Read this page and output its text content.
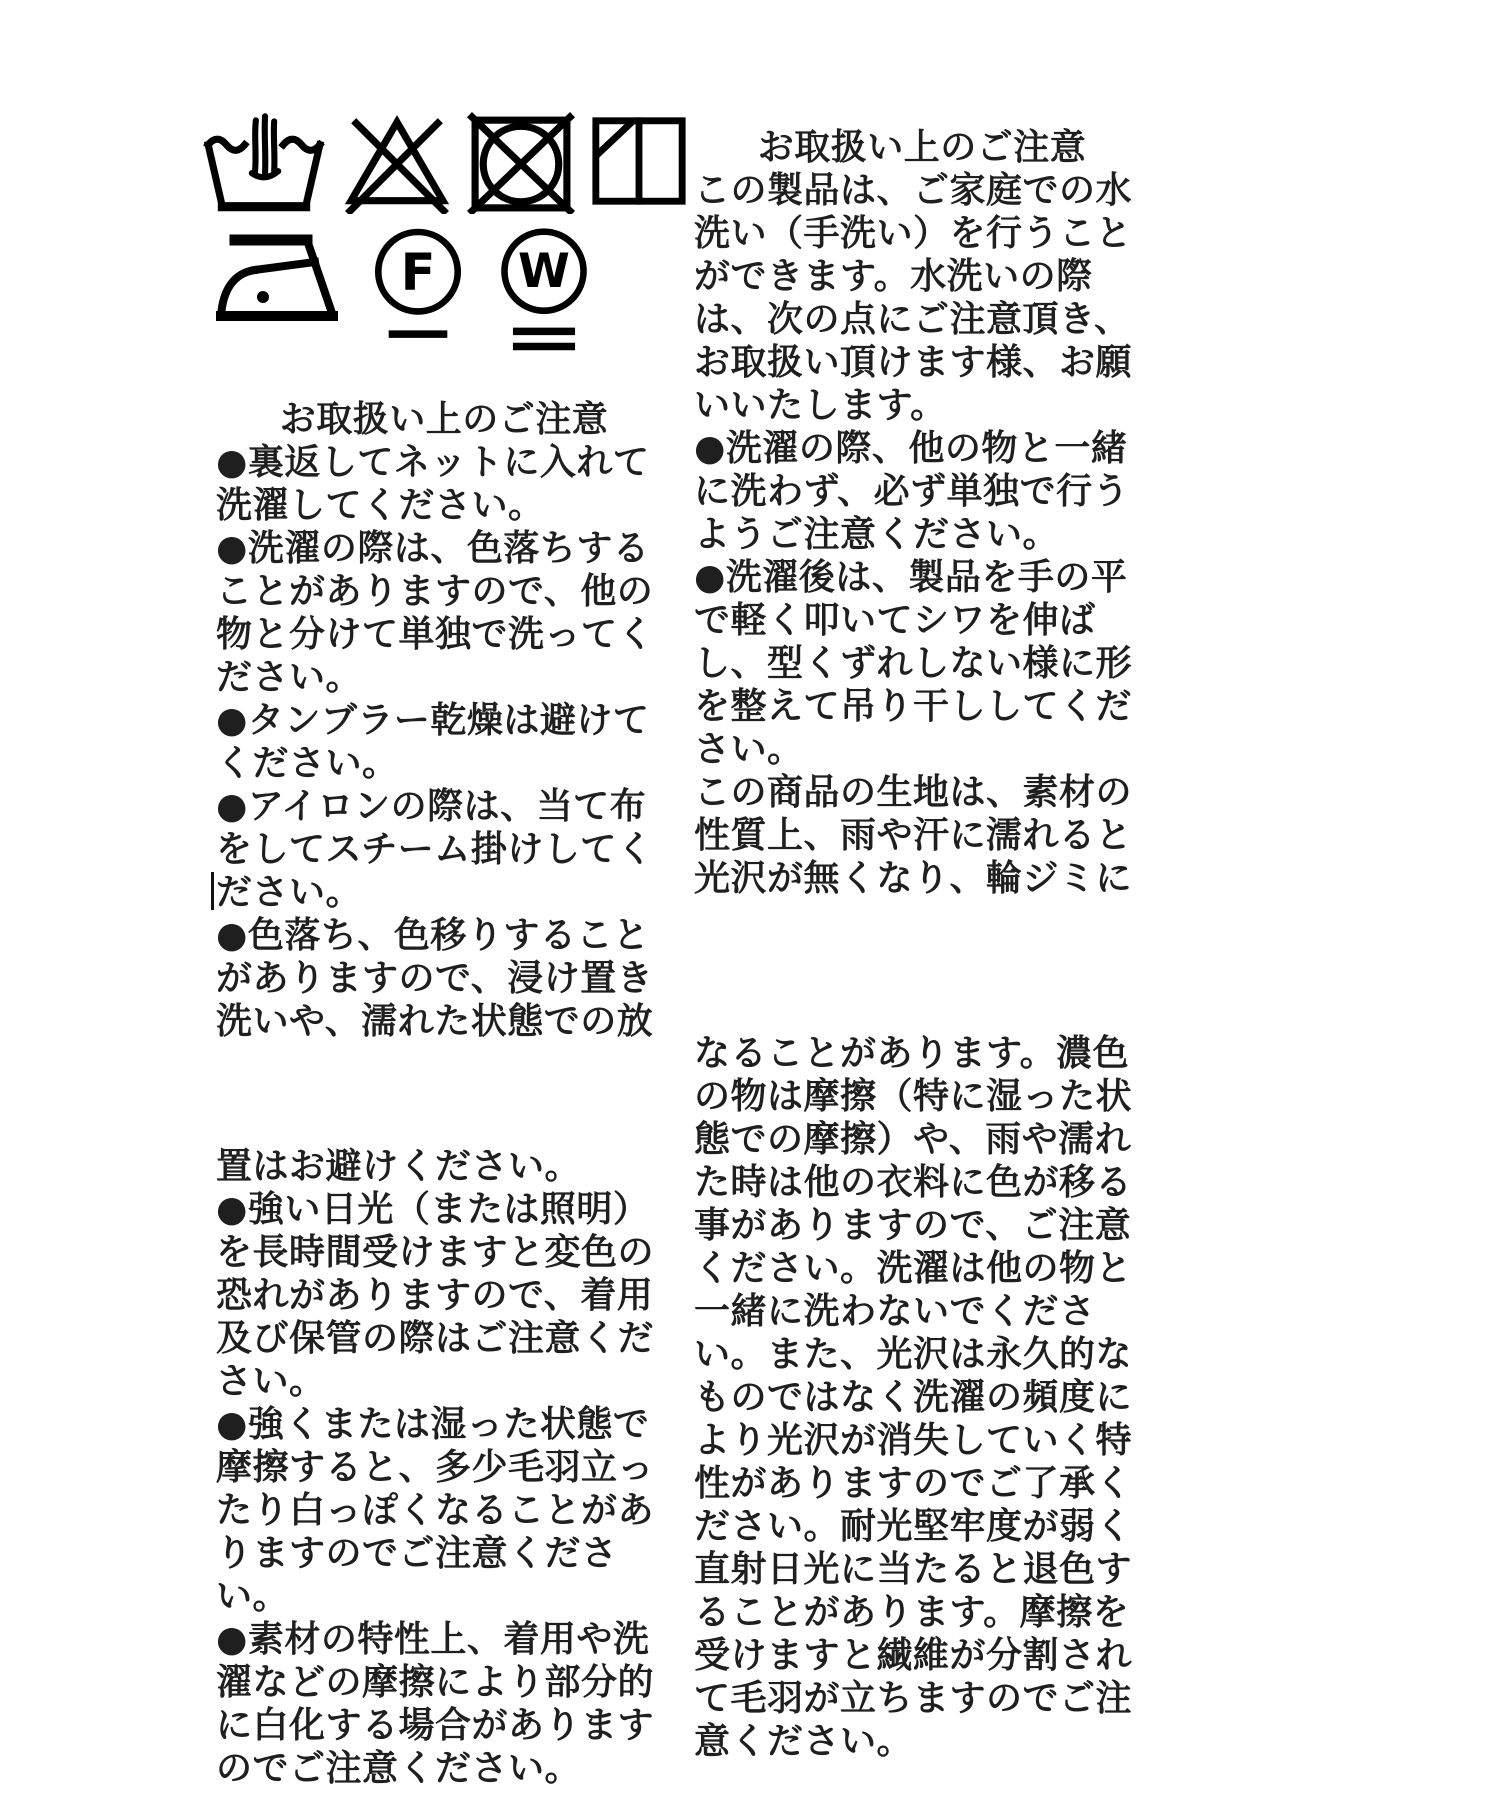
F W

お取扱い上のご注意

●裏返してネットに入れて洗濯してください。

●洗濯の際は、色落ちすることがありますので、他の物と分けて単独で洗ってください。

●タンブラー乾燥は避けてください。

●アイロンの際は、当て布をしてスチーム掛けしてください。

●色落ち、色移りすることがありますので、浸け置き洗いや、濡れた状態での放

置はお避けください。

●強い日光（または照明）を長時間受けますと変色の恐れがありますので、着用及び保管の際はご注意ください。

●強くまたは湿った状態で摩擦すると、多少毛羽立ったり白っぽくなることがありますのでご注意ください。

●素材の特性上、着用や洗濯などの摩擦により部分的に白化する場合がありますのでご注意ください。

お取扱い上のご注意

この製品は、ご家庭での水洗い（手洗い）を行うことができます。水洗いの際は、次の点にご注意頂き、お取扱い頂けます様、お願いいたします。

●洗濯の際、他の物と一緒に洗わず、必ず単独で行うようご注意ください。

●洗濯後は、製品を手の平で軽く叩いてシワを伸ばし、型くずれしない様に形を整えて吊り干ししてください。

この商品の生地は、素材の性質上、雨や汗に濡れると光沢が無くなり、輪ジミに

なることがあります。濃色の物は摩擦（特に湿った状態での摩擦）や、雨や濡れた時は他の衣料に色が移る事がありますので、ご注意ください。洗濯は他の物と一緒に洗わないでください。また、光沢は永久的なものではなく洗濯の頻度により光沢が消失していく特性がありますのでご了承ください。耐光堅牢度が弱く直射日光に当たると退色することがあります。摩擦を受けますと繊維が分割されて毛羽が立ちますのでご注意ください。
